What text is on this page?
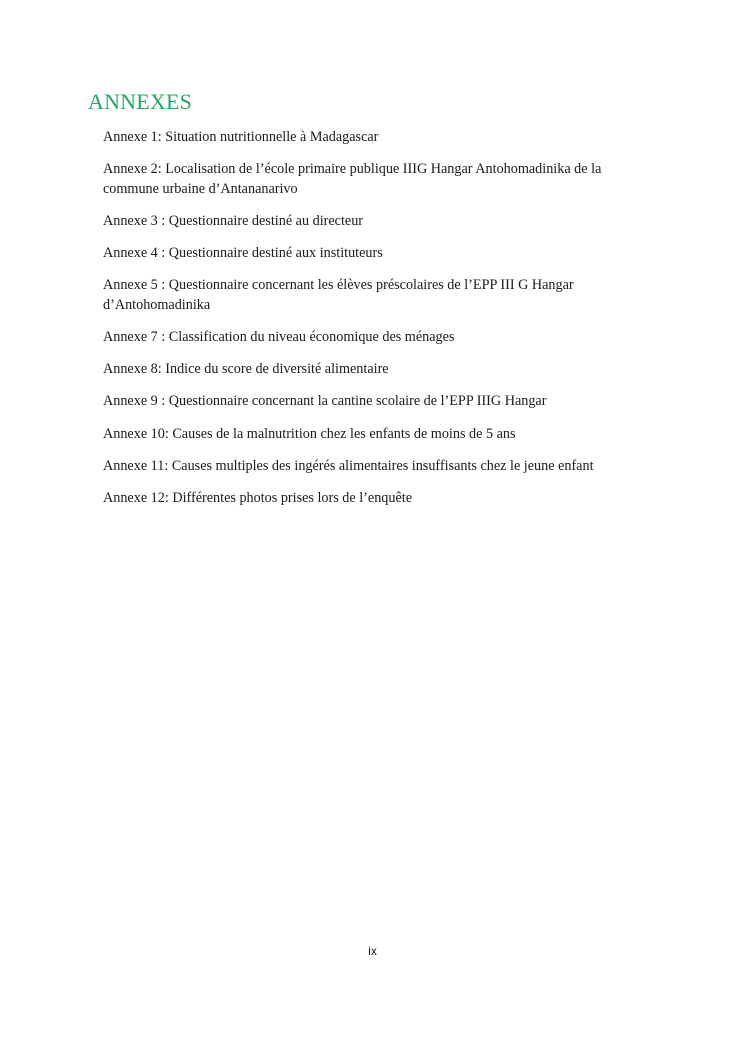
ANNEXES
Annexe 1: Situation nutritionnelle à Madagascar
Annexe 2: Localisation de l’école primaire publique IIIG Hangar Antohomadinika de la commune urbaine d’Antananarivo
Annexe 3 : Questionnaire destiné au directeur
Annexe 4 : Questionnaire destiné aux instituteurs
Annexe 5 : Questionnaire concernant les élèves préscolaires de l’EPP III G Hangar d’Antohomadinika
Annexe 7 : Classification du niveau économique des ménages
Annexe 8: Indice du score de diversité alimentaire
Annexe 9 : Questionnaire concernant la cantine scolaire de l’EPP IIIG Hangar
Annexe 10: Causes de la malnutrition chez les enfants de moins de 5 ans
Annexe 11: Causes multiples des ingérés alimentaires insuffisants chez le jeune enfant
Annexe 12: Différentes photos prises lors de l’enquête
ix
